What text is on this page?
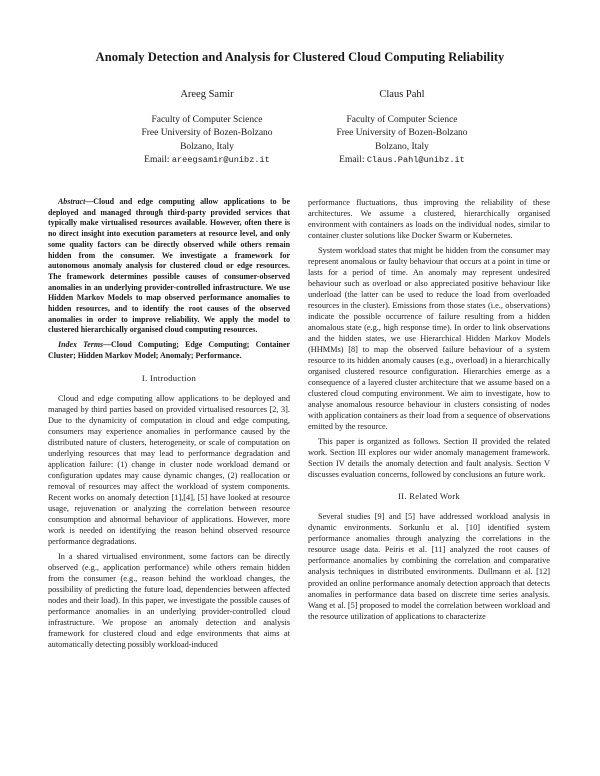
Anomaly Detection and Analysis for Clustered Cloud Computing Reliability
Areeg Samir
Faculty of Computer Science
Free University of Bozen-Bolzano
Bolzano, Italy
Email: areegsamir@unibz.it
Claus Pahl
Faculty of Computer Science
Free University of Bozen-Bolzano
Bolzano, Italy
Email: Claus.Pahl@unibz.it

Abstract—Cloud and edge computing allow applications to be deployed and managed through third-party provided services that typically make virtualised resources available. However, often there is no direct insight into execution parameters at resource level, and only some quality factors can be directly observed while others remain hidden from the consumer. We investigate a framework for autonomous anomaly analysis for clustered cloud or edge resources. The framework determines possible causes of consumer-observed anomalies in an underlying provider-controlled infrastructure. We use Hidden Markov Models to map observed performance anomalies to hidden resources, and to identify the root causes of the observed anomalies in order to improve reliability. We apply the model to clustered hierarchically organised cloud computing resources.

Index Terms—Cloud Computing; Edge Computing; Container Cluster; Hidden Markov Model; Anomaly; Performance.

I. Introduction

Cloud and edge computing allow applications to be deployed and managed by third parties based on provided virtualised resources [2, 3]. Due to the dynamicity of computation in cloud and edge computing, consumers may experience anomalies in performance caused by the distributed nature of clusters, heterogeneity, or scale of computation on underlying resources that may lead to performance degradation and application failure: (1) change in cluster node workload demand or configuration updates may cause dynamic changes, (2) reallocation or removal of resources may affect the workload of system components. Recent works on anomaly detection [1],[4], [5] have looked at resource usage, rejuvenation or analyzing the correlation between resource consumption and abnormal behaviour of applications. However, more work is needed on identifying the reason behind observed resource performance degradations.

In a shared virtualised environment, some factors can be directly observed (e.g., application performance) while others remain hidden from the consumer (e.g., reason behind the workload changes, the possibility of predicting the future load, dependencies between affected nodes and their load). In this paper, we investigate the possible causes of performance anomalies in an underlying provider-controlled cloud infrastructure. We propose an anomaly detection and analysis framework for clustered cloud and edge environments that aims at automatically detecting possibly workload-induced

performance fluctuations, thus improving the reliability of these architectures. We assume a clustered, hierarchically organised environment with containers as loads on the individual nodes, similar to container cluster solutions like Docker Swarm or Kubernetes.

System workload states that might be hidden from the consumer may represent anomalous or faulty behaviour that occurs at a point in time or lasts for a period of time. An anomaly may represent undesired behaviour such as overload or also appreciated positive behaviour like underload (the latter can be used to reduce the load from overloaded resources in the cluster). Emissions from those states (i.e., observations) indicate the possible occurrence of failure resulting from a hidden anomalous state (e.g., high response time). In order to link observations and the hidden states, we use Hierarchical Hidden Markov Models (HHMMs) [8] to map the observed failure behaviour of a system resource to its hidden anomaly causes (e.g., overload) in a hierarchically organised clustered resource configuration. Hierarchies emerge as a consequence of a layered cluster architecture that we assume based on a clustered cloud computing environment. We aim to investigate, how to analyse anomalous resource behaviour in clusters consisting of nodes with application containers as their load from a sequence of observations emitted by the resource.

This paper is organized as follows. Section II provided the related work. Section III explores our wider anomaly management framework. Section IV details the anomaly detection and fault analysis. Section V discusses evaluation concerns, followed by conclusions an future work.

II. Related Work

Several studies [9] and [5] have addressed workload analysis in dynamic environments. Sorkunlu et al. [10] identified system performance anomalies through analyzing the correlations in the resource usage data. Peiris et al. [11] analyzed the root causes of performance anomalies by combining the correlation and comparative analysis techniques in distributed environments. Dullmann et al. [12] provided an online performance anomaly detection approach that detects anomalies in performance data based on discrete time series analysis. Wang et al. [5] proposed to model the correlation between workload and the resource utilization of applications to characterize
